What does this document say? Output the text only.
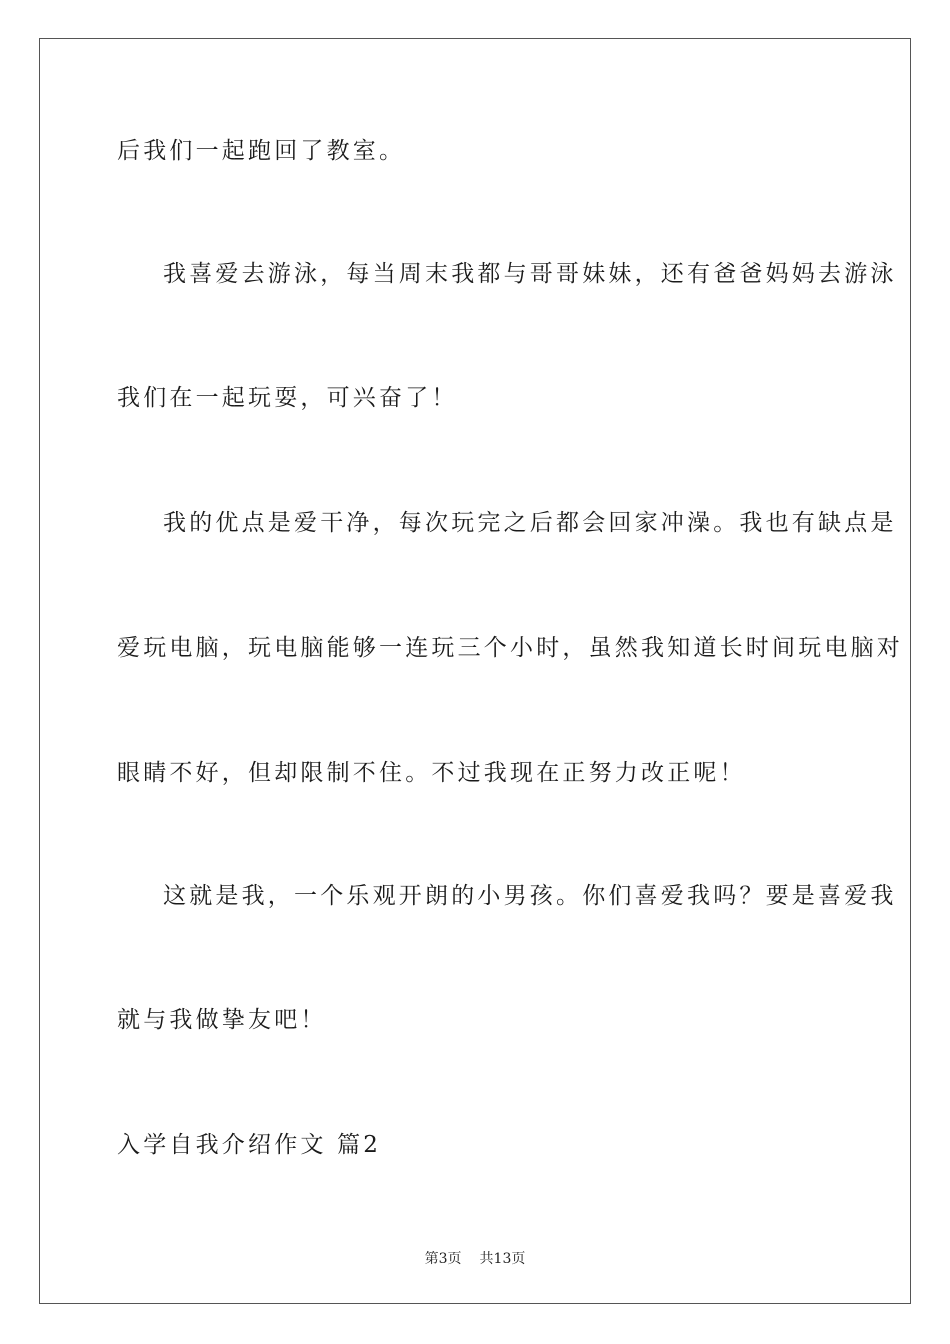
后我们一起跑回了教室。
我喜爱去游泳，每当周末我都与哥哥妹妹，还有爸爸妈妈去游泳
我们在一起玩耍，可兴奋了！
我的优点是爱干净，每次玩完之后都会回家冲澡。我也有缺点是
爱玩电脑，玩电脑能够一连玩三个小时，虽然我知道长时间玩电脑对
眼睛不好，但却限制不住。不过我现在正努力改正呢！
这就是我，一个乐观开朗的小男孩。你们喜爱我吗？要是喜爱我
就与我做挚友吧！
入学自我介绍作文 篇2
第3页 共13页
